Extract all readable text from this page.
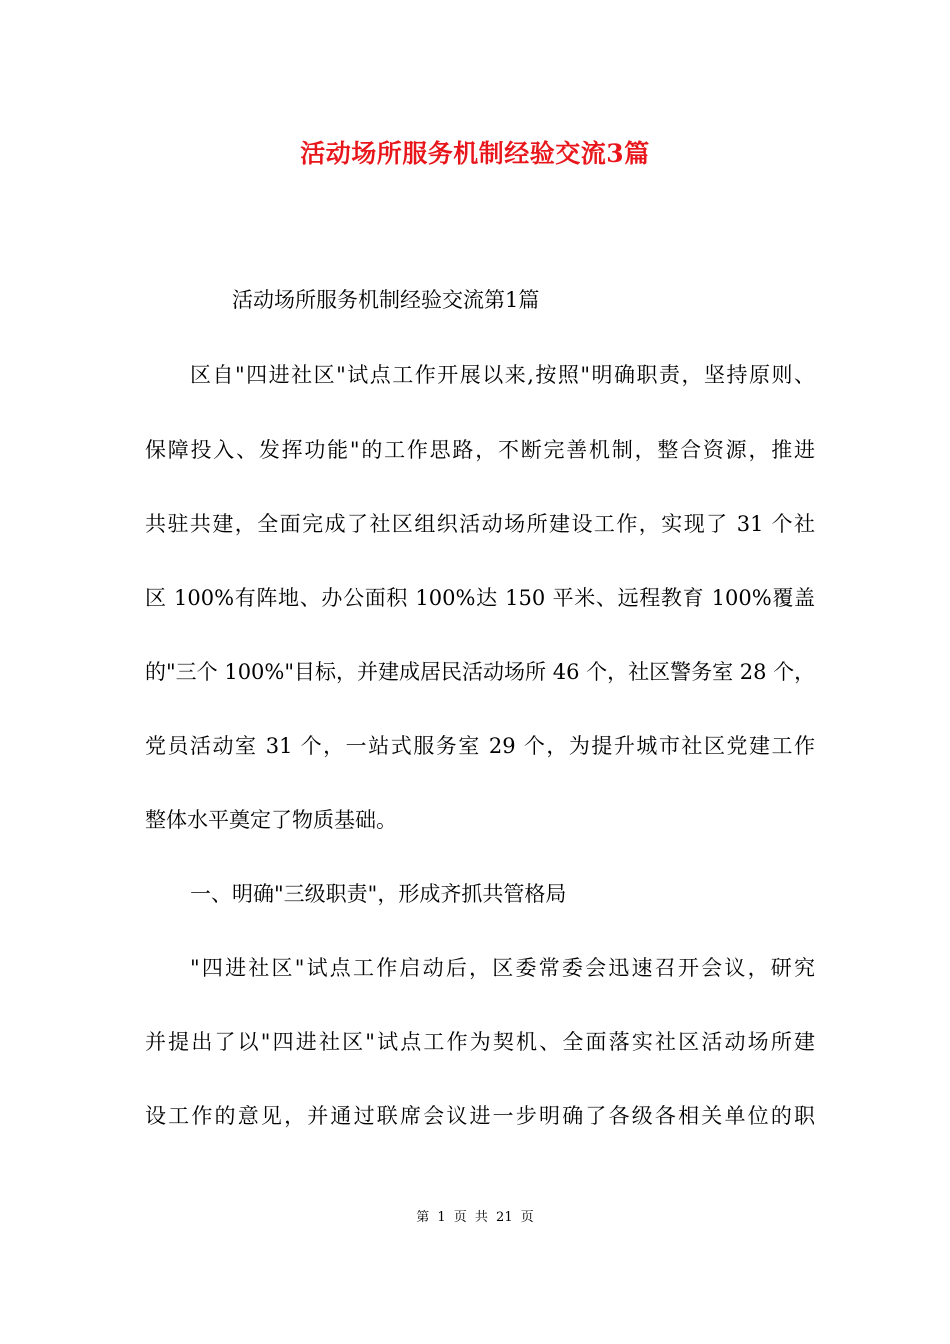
活动场所服务机制经验交流3篇
活动场所服务机制经验交流第1篇
区自"四进社区"试点工作开展以来,按照"明确职责，坚持原则、
保障投入、发挥功能"的工作思路，不断完善机制，整合资源，推进
共驻共建，全面完成了社区组织活动场所建设工作，实现了 31 个社
区 100%有阵地、办公面积 100%达 150 平米、远程教育 100%覆盖
的"三个 100%"目标，并建成居民活动场所 46 个，社区警务室 28 个，
党员活动室 31 个，一站式服务室 29 个，为提升城市社区党建工作
整体水平奠定了物质基础。
一、明确"三级职责"，形成齐抓共管格局
"四进社区"试点工作启动后，区委常委会迅速召开会议，研究
并提出了以"四进社区"试点工作为契机、全面落实社区活动场所建
设工作的意见，并通过联席会议进一步明确了各级各相关单位的职
第 1 页 共 21 页
